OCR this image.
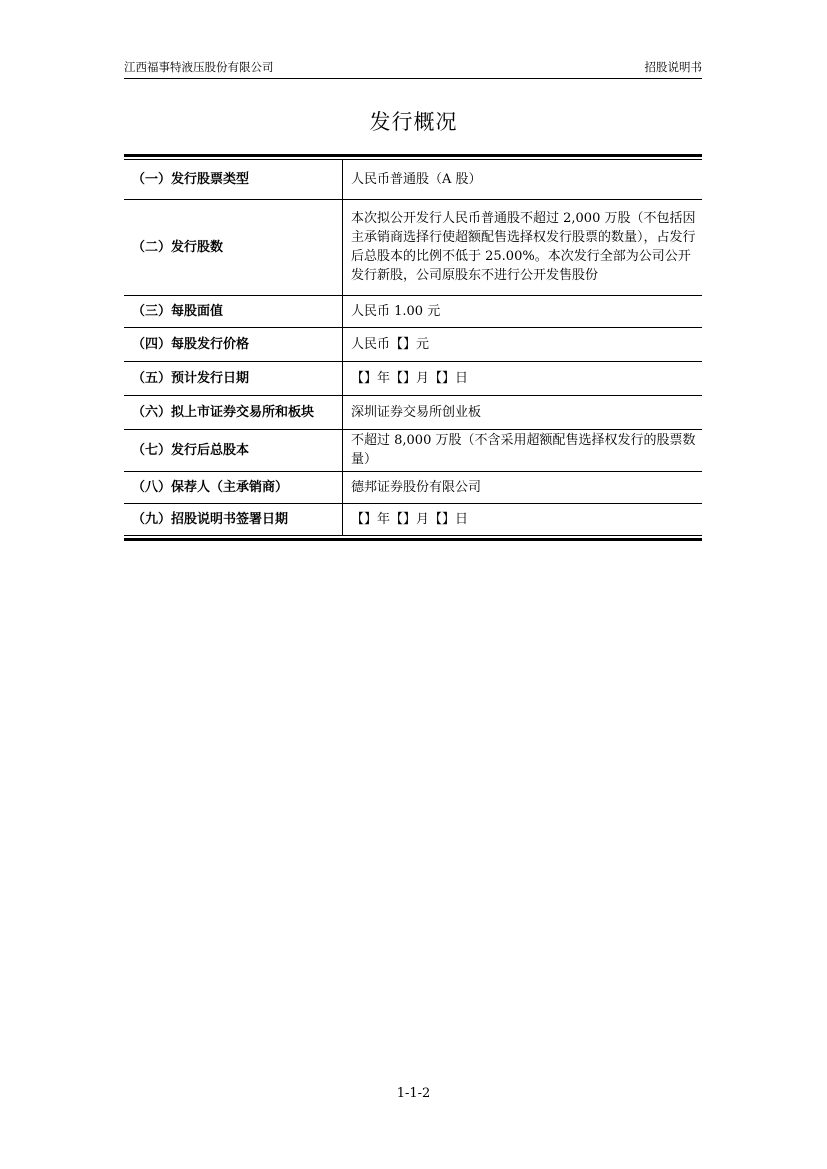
江西福事特液压股份有限公司	招股说明书
发行概况
（一）发行股票类型	人民币普通股（A 股）
（二）发行股数	本次拟公开发行人民币普通股不超过 2,000 万股（不包括因主承销商选择行使超额配售选择权发行股票的数量），占发行后总股本的比例不低于 25.00%。本次发行全部为公司公开发行新股，公司原股东不进行公开发售股份
（三）每股面值	人民币 1.00 元
（四）每股发行价格	人民币【】元
（五）预计发行日期	【】年【】月【】日
（六）拟上市证券交易所和板块	深圳证券交易所创业板
（七）发行后总股本	不超过 8,000 万股（不含采用超额配售选择权发行的股票数量）
（八）保荐人（主承销商）	德邦证券股份有限公司
（九）招股说明书签署日期	【】年【】月【】日
1-1-2
